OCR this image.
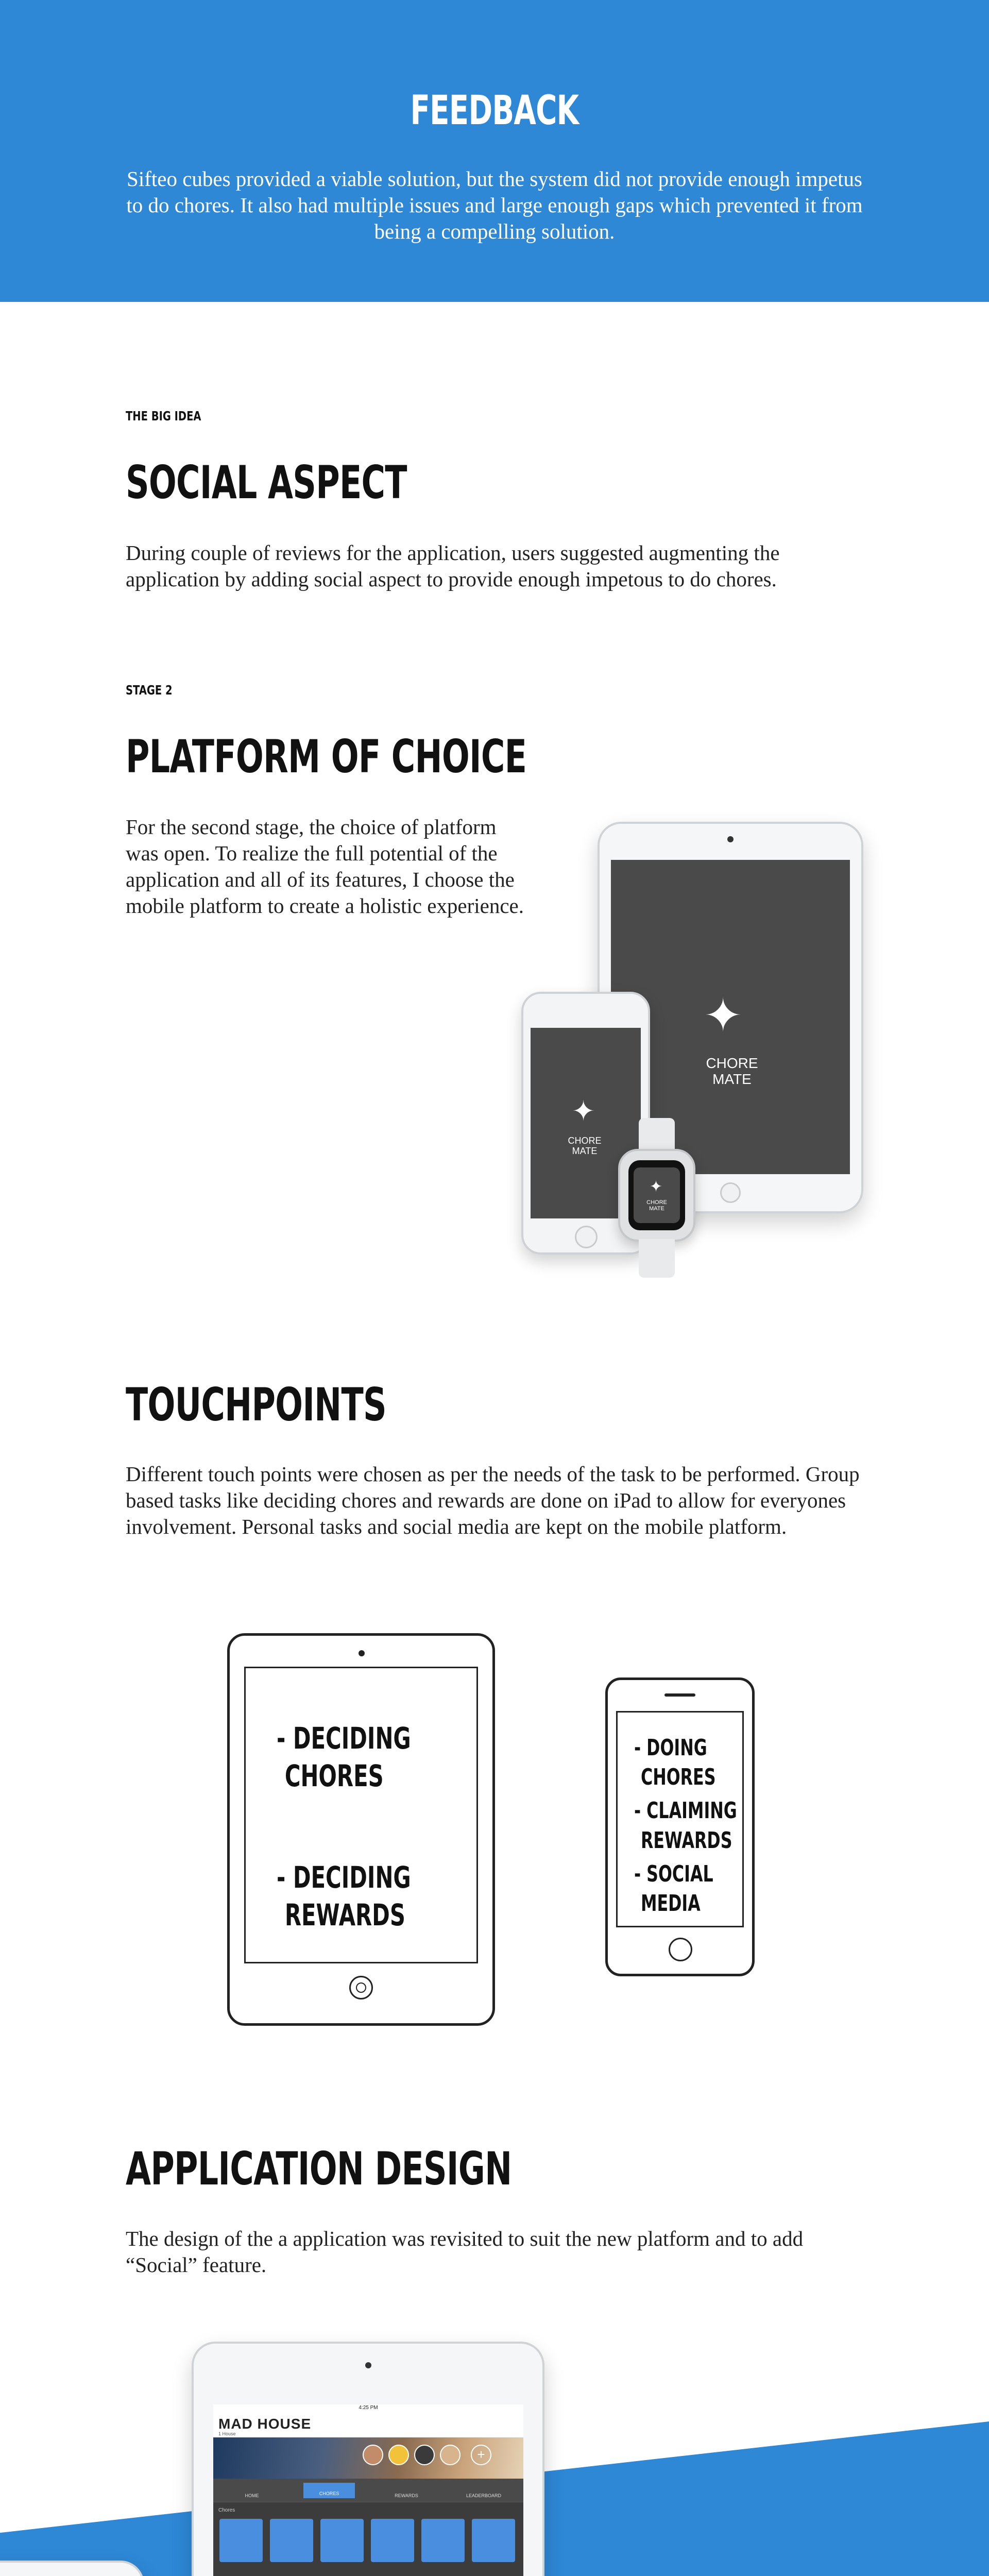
FEEDBACK
Sifteo cubes provided a viable solution, but the system did not provide enough impetus to do chores. It also had multiple issues and large enough gaps which prevented it from being a compelling solution.
THE BIG IDEA
SOCIAL ASPECT
During couple of reviews for the application, users suggested augmenting the application by adding social aspect to provide enough impetous to do chores.
STAGE 2
PLATFORM OF CHOICE
For the second stage, the choice of platform was open. To realize the full potential of the application and all of its features, I choose the mobile platform to create a holistic experience.
✦
CHORE
MATE
✦
CHORE
MATE
✦
CHORE
MATE
TOUCHPOINTS
Different touch points were chosen as per the needs of the task to be performed. Group based tasks like deciding chores and rewards are done on iPad to allow for everyones involvement. Personal tasks and social media are kept on the mobile platform.
- DECIDING
CHORES
- DECIDING
REWARDS
- DOING
CHORES
- CLAIMING
REWARDS
- SOCIAL
MEDIA
APPLICATION DESIGN
The design of the a application was revisited to suit the new platform and to add “Social” feature.
4:25 PM
MAD HOUSE
1 House
+
HOME	CHORES	REWARDS	LEADERBOARD
Chores
